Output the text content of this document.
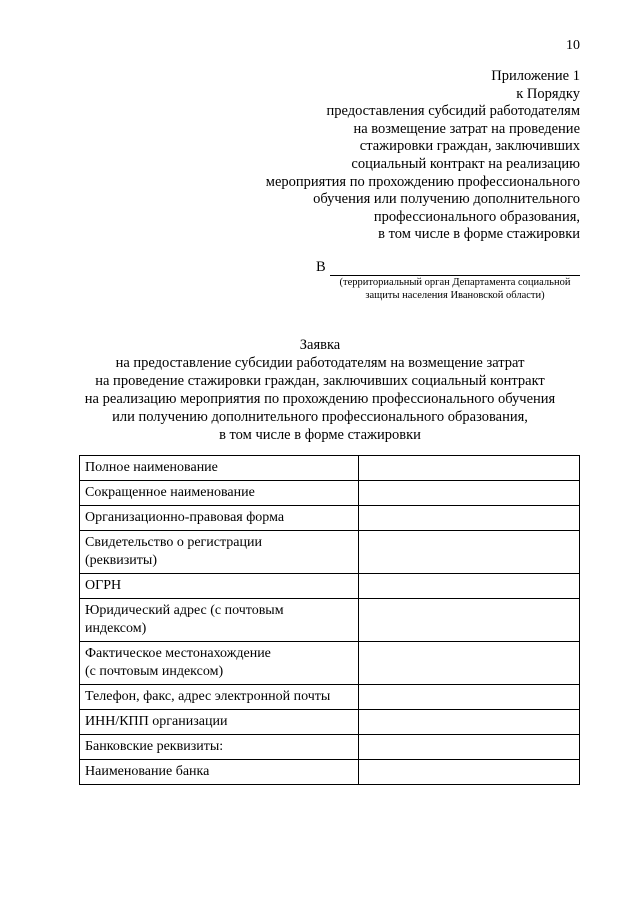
10
Приложение 1
к Порядку
предоставления субсидий работодателям
на возмещение затрат на проведение
стажировки граждан, заключивших
социальный контракт на реализацию
мероприятия по прохождению профессионального
обучения или получению дополнительного
профессионального образования,
в том числе в форме стажировки
В
(территориальный орган Департамента социальной
защиты населения Ивановской области)
Заявка
на предоставление субсидии работодателям на возмещение затрат
на проведение стажировки граждан, заключивших социальный контракт
на реализацию мероприятия по прохождению профессионального обучения
или получению дополнительного профессионального образования,
в том числе в форме стажировки
Полное наименование	
Сокращенное наименование	
Организационно-правовая форма	

Свидетельство о регистрации
(реквизиты)	

ОГРН	

Юридический адрес (с почтовым
индексом)	

Фактическое местонахождение
(с почтовым индексом)	

Телефон, факс, адрес электронной почты	
ИНН/КПП организации	
Банковские реквизиты:	
Наименование банка	
